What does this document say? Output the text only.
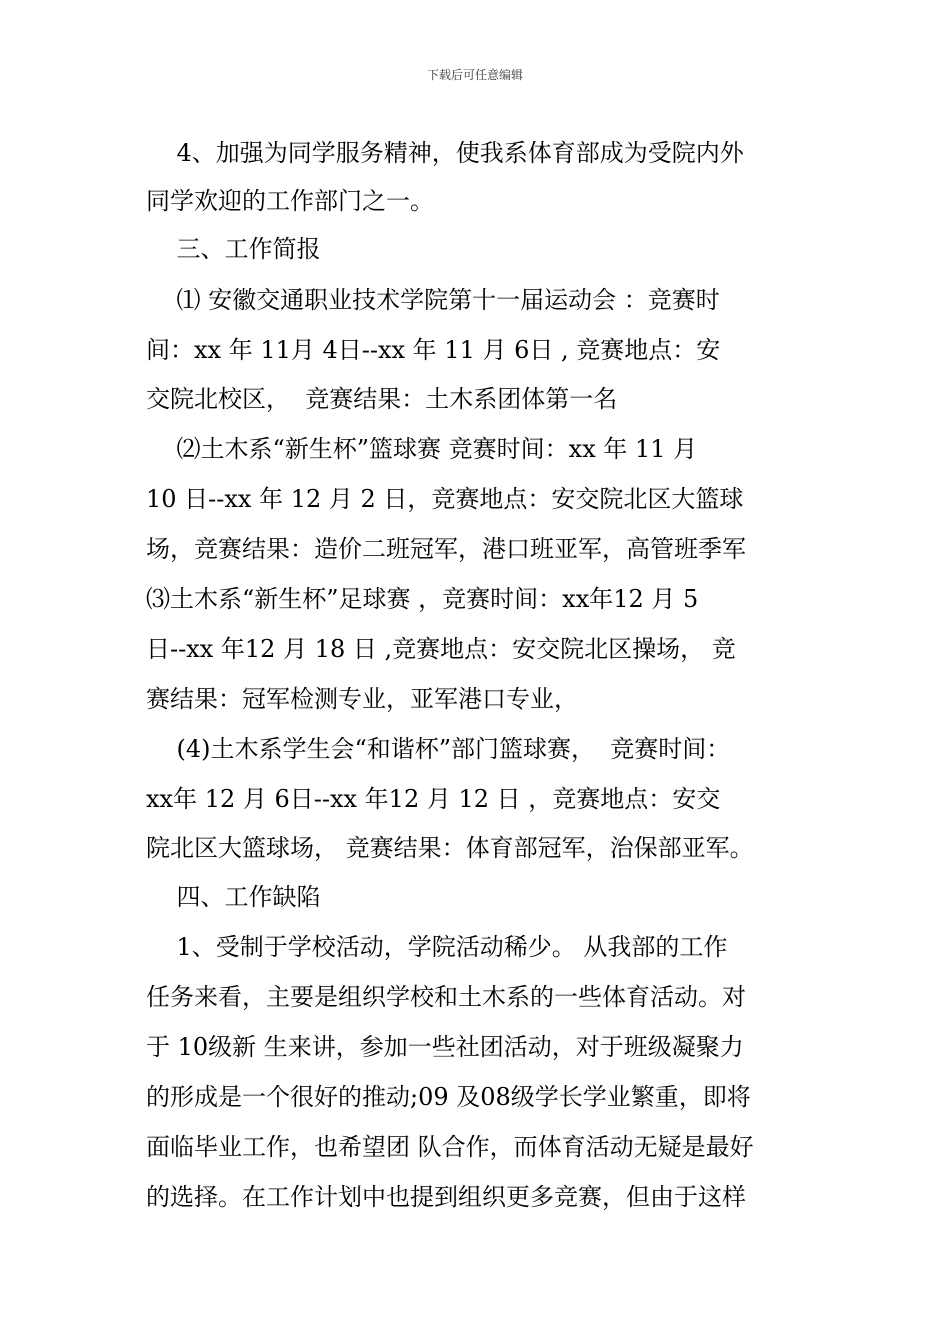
下载后可任意编辑
4、加强为同学服务精神，使我系体育部成为受院内外
同学欢迎的工作部门之一。
三、工作简报
⑴ 安徽交通职业技术学院第十一届运动会 ：竞赛时
间：xx 年 11月 4日--xx 年 11 月 6日 , 竞赛地点：安
交院北校区，  竞赛结果：土木系团体第一名
⑵土木系“新生杯”篮球赛 竞赛时间：xx 年 11 月
10 日--xx 年 12 月 2 日，竞赛地点：安交院北区大篮球
场，竞赛结果：造价二班冠军，港口班亚军，高管班季军
⑶土木系“新生杯”足球赛 ，竞赛时间：xx年12 月 5
日--xx 年12 月 18 日 ,竞赛地点：安交院北区操场， 竞
赛结果：冠军检测专业，亚军港口专业，
(4)土木系学生会“和谐杯”部门篮球赛，  竞赛时间：
xx年 12 月 6日--xx 年12 月 12 日 ，竞赛地点：安交
院北区大篮球场， 竞赛结果：体育部冠军，治保部亚军。
四、工作缺陷
1、受制于学校活动，学院活动稀少。 从我部的工作
任务来看，主要是组织学校和土木系的一些体育活动。对
于 10级新 生来讲，参加一些社团活动，对于班级凝聚力
的形成是一个很好的推动;09 及08级学长学业繁重，即将
面临毕业工作，也希望团 队合作，而体育活动无疑是最好
的选择。在工作计划中也提到组织更多竞赛，但由于这样
